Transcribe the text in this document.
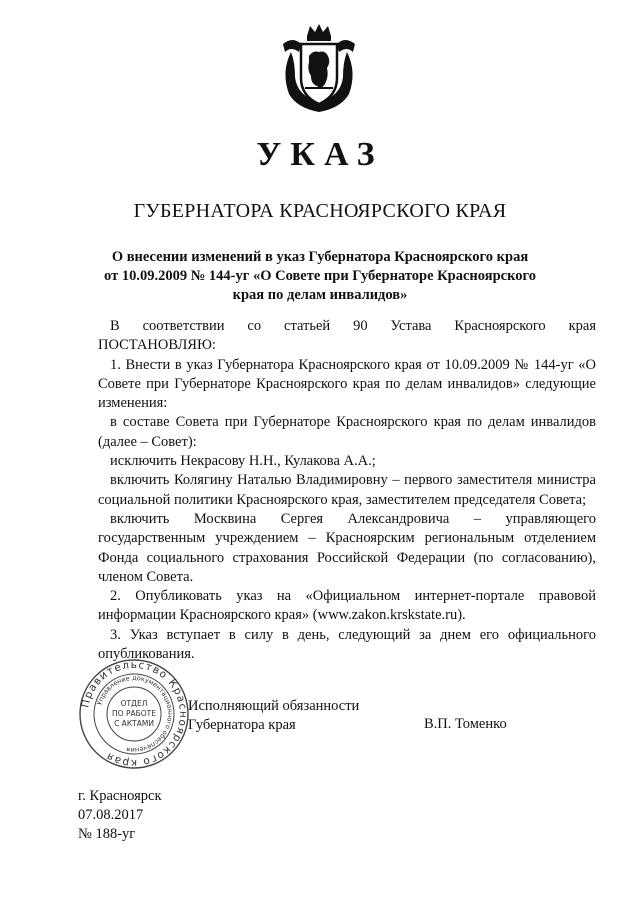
УКАЗ
ГУБЕРНАТОРА КРАСНОЯРСКОГО КРАЯ
О внесении изменений в указ Губернатора Красноярского края
от 10.09.2009 № 144-уг «О Совете при Губернаторе Красноярского
края по делам инвалидов»

В соответствии со статьей 90 Устава Красноярского края

ПОСТАНОВЛЯЮ:

1. Внести в указ Губернатора Красноярского края от 10.09.2009 № 144-уг «О Совете при Губернаторе Красноярского края по делам инвалидов» следующие изменения:

в составе Совета при Губернаторе Красноярского края по делам инвалидов (далее – Совет):

исключить Некрасову Н.Н., Кулакова А.А.;

включить Колягину Наталью Владимировну – первого заместителя министра социальной политики Красноярского края, заместителем председателя Совета;

включить Москвина Сергея Александровича – управляющего государственным учреждением – Красноярским региональным отделением Фонда социального страхования Российской Федерации (по согласованию), членом Совета.

2. Опубликовать указ на «Официальном интернет-портале правовой информации Красноярского края» (www.zakon.krskstate.ru).

3. Указ вступает в силу в день, следующий за днем его официального опубликования.

Правительство Красноярского края
Управление документационного обеспечения
ОТДЕЛ
ПО РАБОТЕ
С АКТАМИ
Исполняющий обязанности
Губернатора края	В.П. Томенко
г. Красноярск
07.08.2017
№ 188-уг
